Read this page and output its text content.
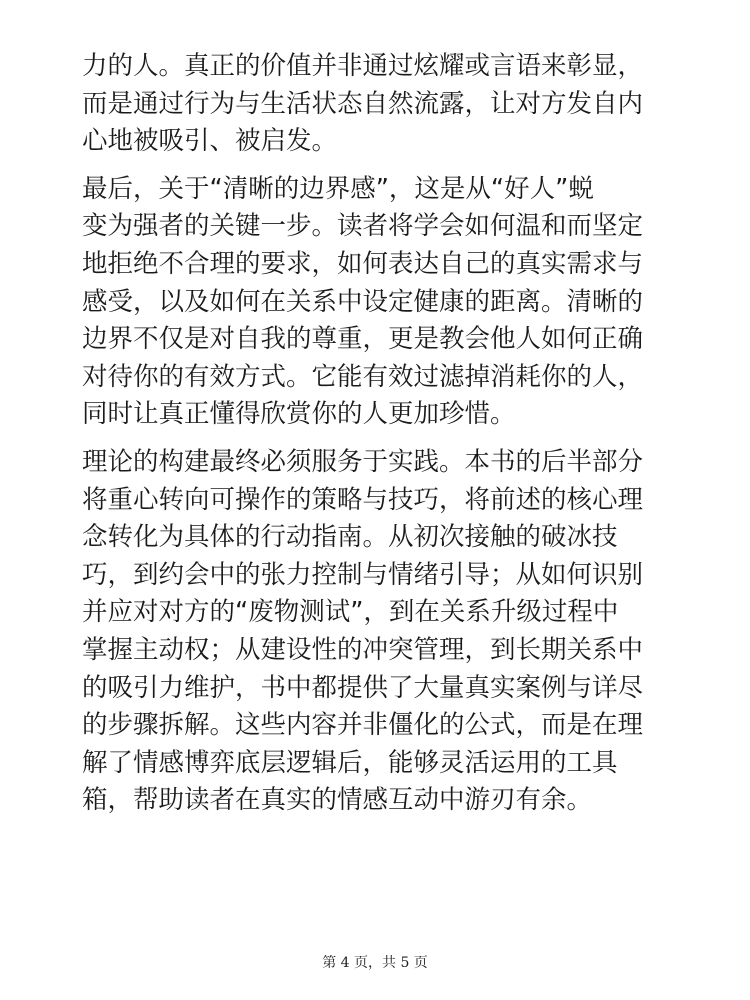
力的人。真正的价值并非通过炫耀或言语来彰显，
而是通过行为与生活状态自然流露，让对方发自内
心地被吸引、被启发。

最后，关于“清晰的边界感”，这是从“好人”蜕
变为强者的关键一步。读者将学会如何温和而坚定
地拒绝不合理的要求，如何表达自己的真实需求与
感受，以及如何在关系中设定健康的距离。清晰的
边界不仅是对自我的尊重，更是教会他人如何正确
对待你的有效方式。它能有效过滤掉消耗你的人，
同时让真正懂得欣赏你的人更加珍惜。

理论的构建最终必须服务于实践。本书的后半部分
将重心转向可操作的策略与技巧，将前述的核心理
念转化为具体的行动指南。从初次接触的破冰技
巧，到约会中的张力控制与情绪引导；从如何识别
并应对对方的“废物测试”，到在关系升级过程中
掌握主动权；从建设性的冲突管理，到长期关系中
的吸引力维护，书中都提供了大量真实案例与详尽
的步骤拆解。这些内容并非僵化的公式，而是在理
解了情感博弈底层逻辑后，能够灵活运用的工具
箱，帮助读者在真实的情感互动中游刃有余。

第 4 页，共 5 页
